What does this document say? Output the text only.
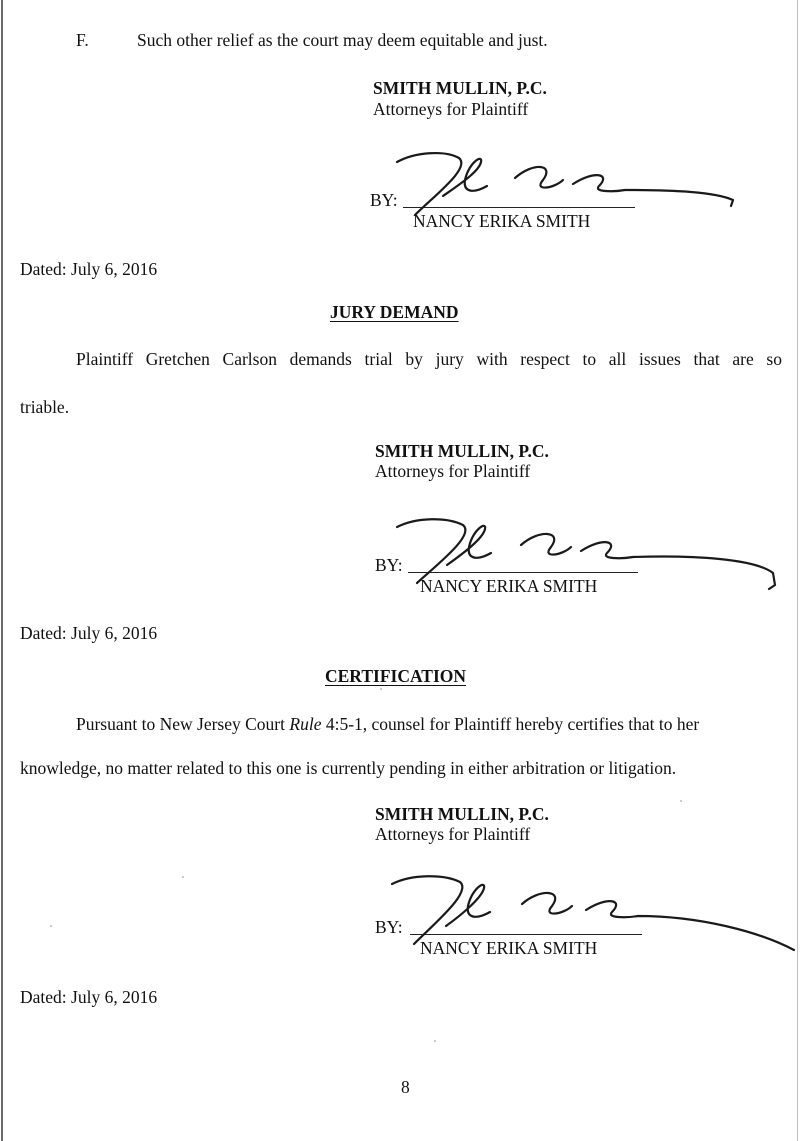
F.	Such other relief as the court may deem equitable and just.
SMITH MULLIN, P.C.
Attorneys for Plaintiff
BY:
NANCY ERIKA SMITH
Dated: July 6, 2016
JURY DEMAND
Plaintiff Gretchen Carlson demands trial by jury with respect to all issues that are so
triable.
SMITH MULLIN, P.C.
Attorneys for Plaintiff
BY:
NANCY ERIKA SMITH
Dated: July 6, 2016
CERTIFICATION
Pursuant to New Jersey Court Rule 4:5-1, counsel for Plaintiff hereby certifies that to her
knowledge, no matter related to this one is currently pending in either arbitration or litigation.
SMITH MULLIN, P.C.
Attorneys for Plaintiff
BY:
NANCY ERIKA SMITH
Dated: July 6, 2016
8
